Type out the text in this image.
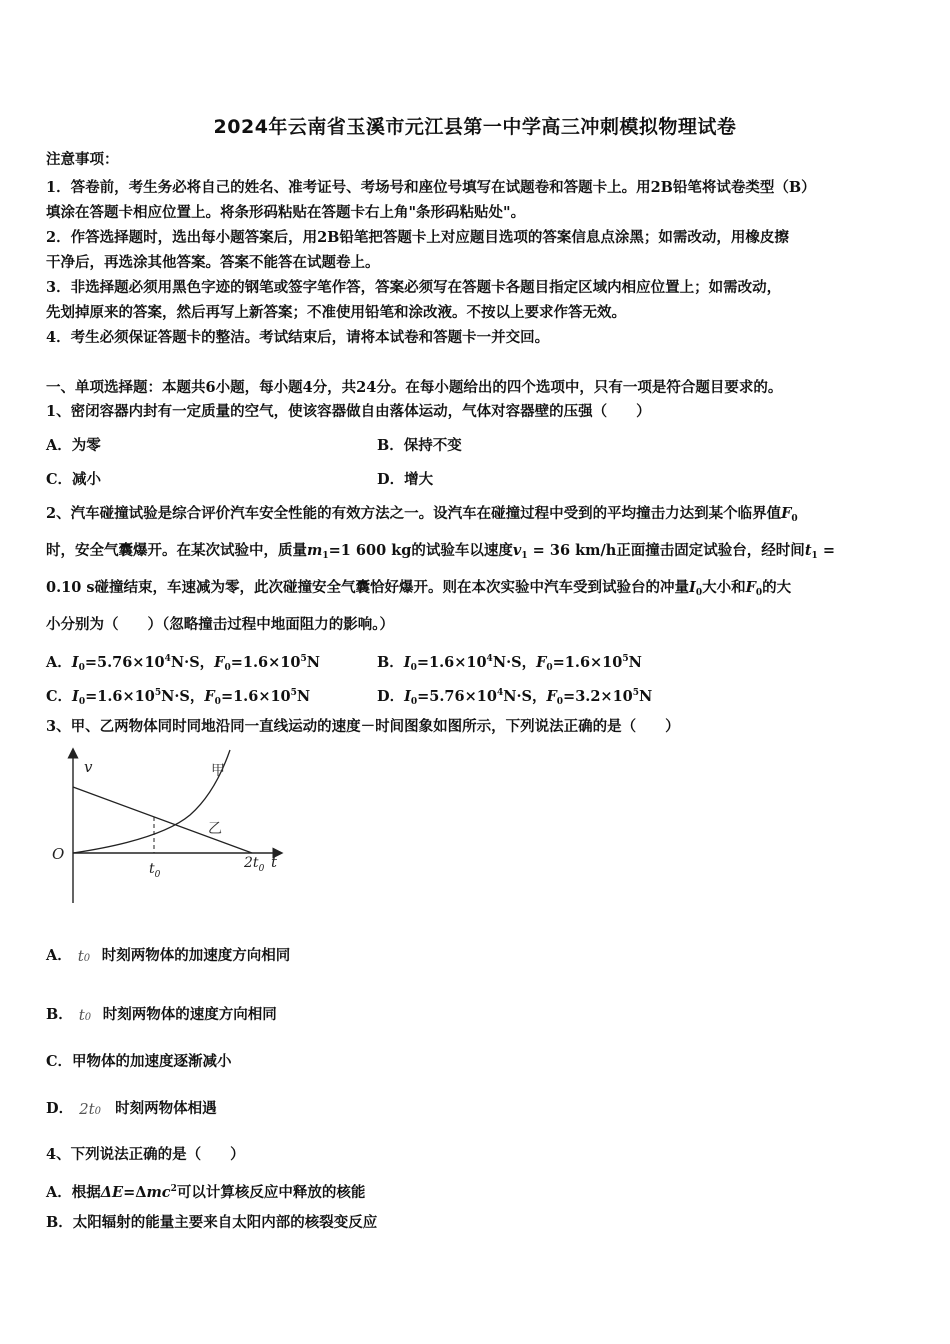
2024年云南省玉溪市元江县第一中学高三冲刺模拟物理试卷
注意事项：
1．答卷前，考生务必将自己的姓名、准考证号、考场号和座位号填写在试题卷和答题卡上。用2B铅笔将试卷类型（B）
填涂在答题卡相应位置上。将条形码粘贴在答题卡右上角"条形码粘贴处"。
2．作答选择题时，选出每小题答案后，用2B铅笔把答题卡上对应题目选项的答案信息点涂黑；如需改动，用橡皮擦
干净后，再选涂其他答案。答案不能答在试题卷上。
3．非选择题必须用黑色字迹的钢笔或签字笔作答，答案必须写在答题卡各题目指定区域内相应位置上；如需改动，
先划掉原来的答案，然后再写上新答案；不准使用铅笔和涂改液。不按以上要求作答无效。
4．考生必须保证答题卡的整洁。考试结束后，请将本试卷和答题卡一并交回。
一、单项选择题：本题共6小题，每小题4分，共24分。在每小题给出的四个选项中，只有一项是符合题目要求的。
1、密闭容器内封有一定质量的空气，使该容器做自由落体运动，气体对容器壁的压强（　　）
A．为零	B．保持不变
C．减小	D．增大
2、汽车碰撞试验是综合评价汽车安全性能的有效方法之一。设汽车在碰撞过程中受到的平均撞击力达到某个临界值$F_0$
时，安全气囊爆开。在某次试验中，质量$m_1=1$ 600 kg的试验车以速度$v_1 = 36$ km/h正面撞击固定试验台，经时间$t_1$ =
0.10 s碰撞结束，车速减为零，此次碰撞安全气囊恰好爆开。则在本次实验中汽车受到试验台的冲量$I_0$大小和$F_0$的大
小分别为（　　）（忽略撞击过程中地面阻力的影响。）
A．$I_0=5.76\times 10^4N\cdot S$，$F_0=1.6\times 10^5N$	B．$I_0=1.6\times 10^4N\cdot S$，$F_0=1.6\times 10^5N$
C．$I_0=1.6\times 10^5N\cdot S$，$F_0=1.6\times 10^5N$	D．$I_0=5.76\times 10^4N\cdot S$，$F_0=3.2\times 10^5N$
3、甲、乙两物体同时同地沿同一直线运动的速度－时间图象如图所示，下列说法正确的是（　　）
v	甲
乙
O
$t_0$
$2t_0$ t
A． t0 时刻两物体的加速度方向相同
B． t0 时刻两物体的速度方向相同
C．甲物体的加速度逐渐减小
D． 2t0 时刻两物体相遇
4、下列说法正确的是（　　）
A．根据ΔE=Δmc$^2$可以计算核反应中释放的核能
B．太阳辐射的能量主要来自太阳内部的核裂变反应
